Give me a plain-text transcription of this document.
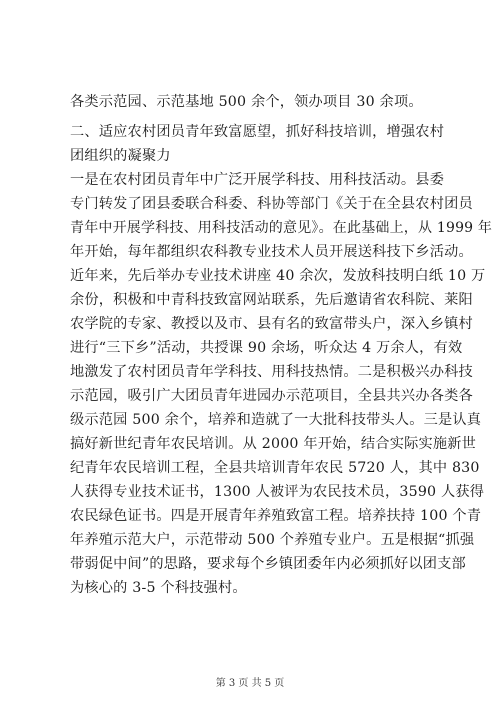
各类示范园、示范基地 500 余个，领办项目 30 余项。
二、适应农村团员青年致富愿望，抓好科技培训，增强农村
团组织的凝聚力
一是在农村团员青年中广泛开展学科技、用科技活动。县委
专门转发了团县委联合科委、科协等部门《关于在全县农村团员
青年中开展学科技、用科技活动的意见》。在此基础上，从 1999 年
年开始，每年都组织农科教专业技术人员开展送科技下乡活动。
近年来，先后举办专业技术讲座 40 余次，发放科技明白纸 10 万
余份，积极和中青科技致富网站联系，先后邀请省农科院、莱阳
农学院的专家、教授以及市、县有名的致富带头户，深入乡镇村
进行“三下乡”活动，共授课 90 余场，听众达 4 万余人，有效
地激发了农村团员青年学科技、用科技热情。二是积极兴办科技
示范园，吸引广大团员青年进园办示范项目，全县共兴办各类各
级示范园 500 余个，培养和造就了一大批科技带头人。三是认真
搞好新世纪青年农民培训。从 2000 年开始，结合实际实施新世
纪青年农民培训工程，全县共培训青年农民 5720 人，其中 830
人获得专业技术证书，1300 人被评为农民技术员，3590 人获得
农民绿色证书。四是开展青年养殖致富工程。培养扶持 100 个青
年养殖示范大户，示范带动 500 个养殖专业户。五是根据“抓强
带弱促中间”的思路，要求每个乡镇团委年内必须抓好以团支部
为核心的 3-5 个科技强村。
第 3 页 共 5 页
